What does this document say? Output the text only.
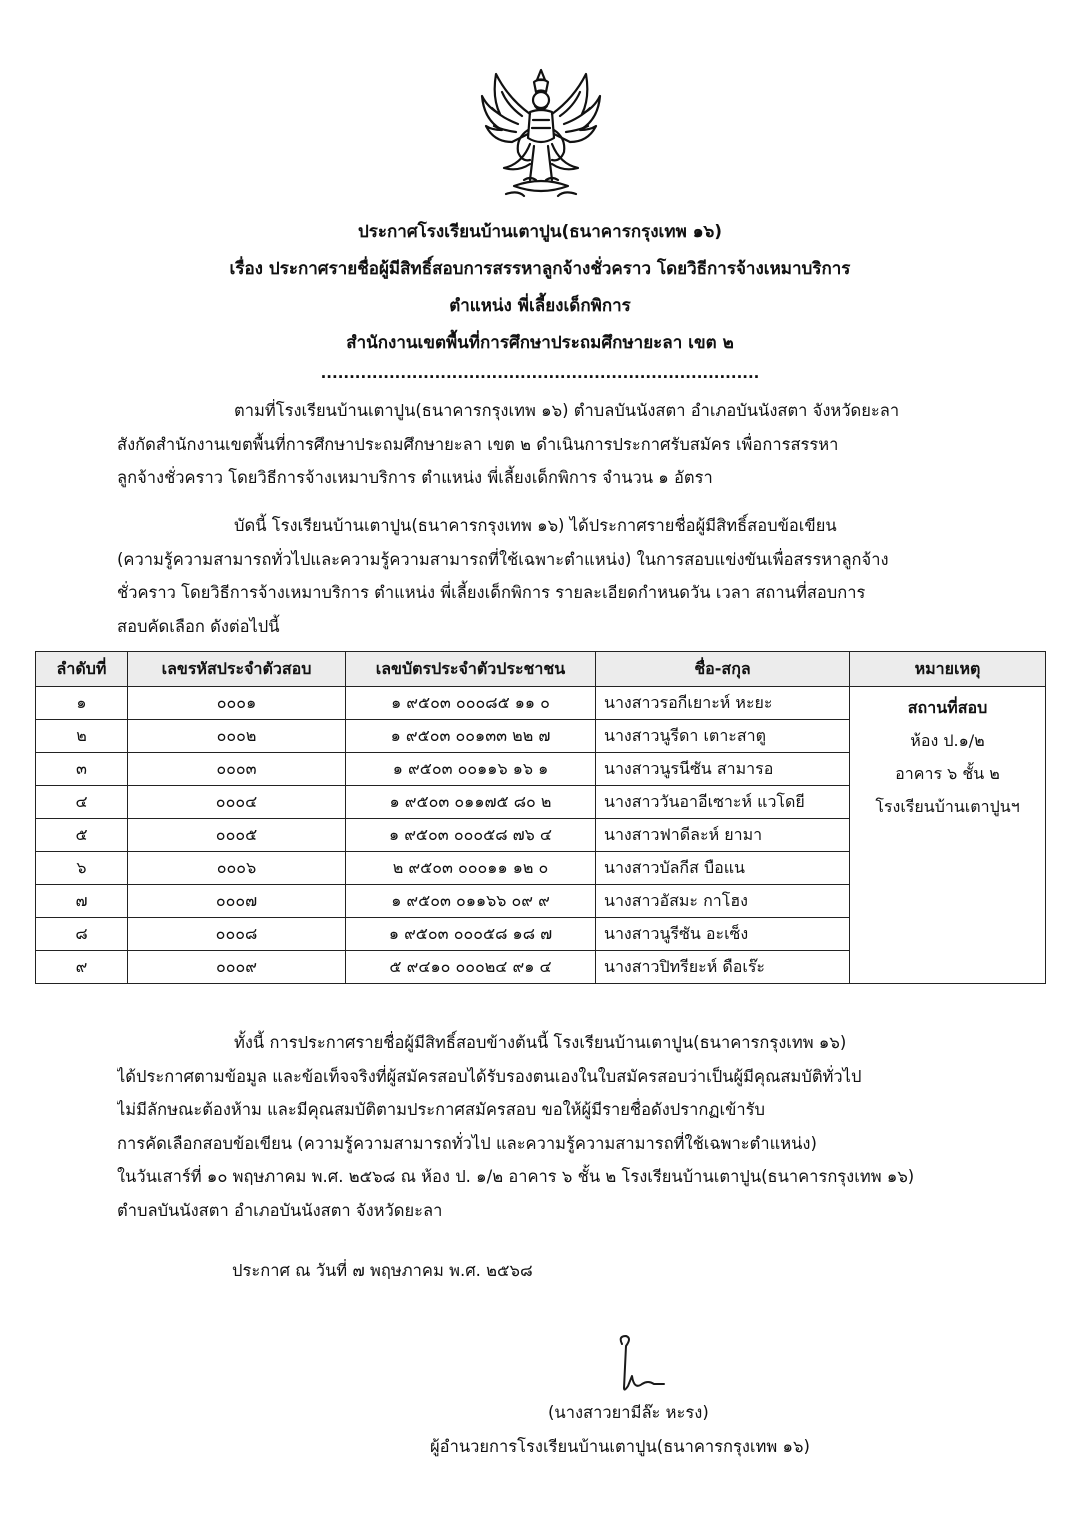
ประกาศโรงเรียนบ้านเตาปูน(ธนาคารกรุงเทพ ๑๖)
เรื่อง ประกาศรายชื่อผู้มีสิทธิ์สอบการสรรหาลูกจ้างชั่วคราว โดยวิธีการจ้างเหมาบริการ
ตำแหน่ง พี่เลี้ยงเด็กพิการ
สำนักงานเขตพื้นที่การศึกษาประถมศึกษายะลา เขต ๒
.............................................................................
ตามที่โรงเรียนบ้านเตาปูน(ธนาคารกรุงเทพ ๑๖) ตำบลบันนังสตา อำเภอบันนังสตา จังหวัดยะลา
สังกัดสำนักงานเขตพื้นที่การศึกษาประถมศึกษายะลา เขต ๒ ดำเนินการประกาศรับสมัคร เพื่อการสรรหา
ลูกจ้างชั่วคราว โดยวิธีการจ้างเหมาบริการ ตำแหน่ง พี่เลี้ยงเด็กพิการ จำนวน ๑ อัตรา
บัดนี้ โรงเรียนบ้านเตาปูน(ธนาคารกรุงเทพ ๑๖) ได้ประกาศรายชื่อผู้มีสิทธิ์สอบข้อเขียน
(ความรู้ความสามารถทั่วไปและความรู้ความสามารถที่ใช้เฉพาะตำแหน่ง) ในการสอบแข่งขันเพื่อสรรหาลูกจ้าง
ชั่วคราว โดยวิธีการจ้างเหมาบริการ ตำแหน่ง พี่เลี้ยงเด็กพิการ รายละเอียดกำหนดวัน เวลา สถานที่สอบการ
สอบคัดเลือก ดังต่อไปนี้
ลำดับที่	เลขรหัสประจำตัวสอบ	เลขบัตรประจำตัวประชาชน	ชื่อ-สกุล	หมายเหตุ
๑	๐๐๐๑	๑ ๙๕๐๓ ๐๐๐๘๕ ๑๑ ๐	นางสาวรอกีเยาะห์ หะยะ	สถานที่สอบ
ห้อง ป.๑/๒
อาคาร ๖ ชั้น ๒
โรงเรียนบ้านเตาปูนฯ

๒	๐๐๐๒	๑ ๙๕๐๓ ๐๐๑๓๓ ๒๒ ๗	นางสาวนูรีดา เตาะสาตู	
๓	๐๐๐๓	๑ ๙๕๐๓ ๐๐๑๑๖ ๑๖ ๑	นางสาวนูรนีซัน สามารอ	
๔	๐๐๐๔	๑ ๙๕๐๓ ๐๑๑๗๕ ๘๐ ๒	นางสาววันอาอีเซาะห์ แวโดยี	
๕	๐๐๐๕	๑ ๙๕๐๓ ๐๐๐๕๘ ๗๖ ๔	นางสาวฟาดีละห์ ยามา	
๖	๐๐๐๖	๒ ๙๕๐๓ ๐๐๐๑๑ ๑๒ ๐	นางสาวบัลกีส บือแน	
๗	๐๐๐๗	๑ ๙๕๐๓ ๐๑๑๖๖ ๐๙ ๙	นางสาวอัสมะ กาโฮง	
๘	๐๐๐๘	๑ ๙๕๐๓ ๐๐๐๕๘ ๑๘ ๗	นางสาวนูรีซัน อะเซ็ง	
๙	๐๐๐๙	๕ ๙๔๑๐ ๐๐๐๒๔ ๙๑ ๔	นางสาวปิทรียะห์ ดือเร๊ะ	
ทั้งนี้ การประกาศรายชื่อผู้มีสิทธิ์สอบข้างต้นนี้ โรงเรียนบ้านเตาปูน(ธนาคารกรุงเทพ ๑๖)
ได้ประกาศตามข้อมูล และข้อเท็จจริงที่ผู้สมัครสอบได้รับรองตนเองในใบสมัครสอบว่าเป็นผู้มีคุณสมบัติทั่วไป
ไม่มีลักษณะต้องห้าม และมีคุณสมบัติตามประกาศสมัครสอบ ขอให้ผู้มีรายชื่อดังปรากฏเข้ารับ
การคัดเลือกสอบข้อเขียน (ความรู้ความสามารถทั่วไป และความรู้ความสามารถที่ใช้เฉพาะตำแหน่ง)
ในวันเสาร์ที่ ๑๐ พฤษภาคม พ.ศ. ๒๕๖๘ ณ ห้อง ป. ๑/๒ อาคาร ๖ ชั้น ๒ โรงเรียนบ้านเตาปูน(ธนาคารกรุงเทพ ๑๖)
ตำบลบันนังสตา อำเภอบันนังสตา จังหวัดยะลา
ประกาศ ณ วันที่ ๗ พฤษภาคม พ.ศ. ๒๕๖๘
(นางสาวยามีล๊ะ หะรง)
ผู้อำนวยการโรงเรียนบ้านเตาปูน(ธนาคารกรุงเทพ ๑๖)
